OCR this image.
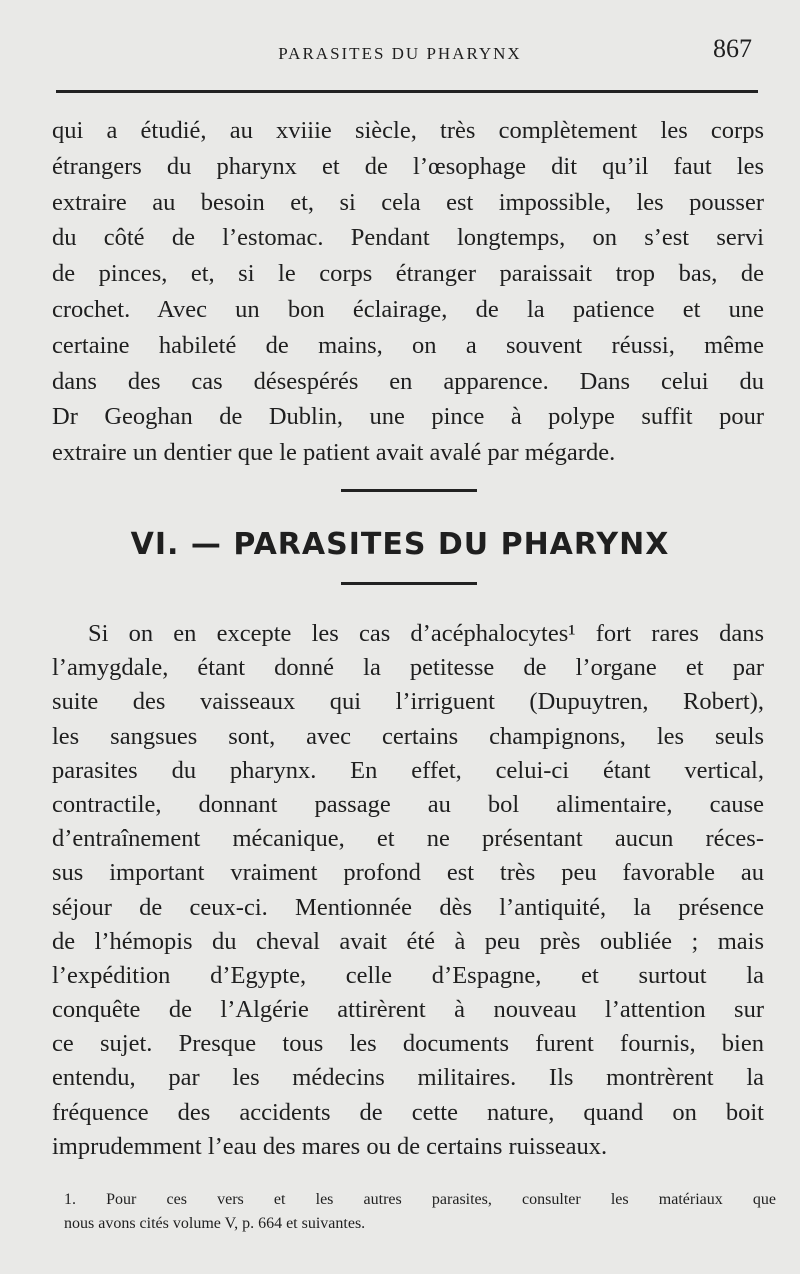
PARASITES DU PHARYNX	867
qui a étudié, au xviiie siècle, très complètement les corps
étrangers du pharynx et de l’œsophage dit qu’il faut les
extraire au besoin et, si cela est impossible, les pousser
du côté de l’estomac. Pendant longtemps, on s’est servi
de pinces, et, si le corps étranger paraissait trop bas, de
crochet. Avec un bon éclairage, de la patience et une
certaine habileté de mains, on a souvent réussi, même
dans des cas désespérés en apparence. Dans celui du
Dr Geoghan de Dublin, une pince à polype suffit pour
extraire un dentier que le patient avait avalé par mégarde.
VI. — PARASITES DU PHARYNX
Si on en excepte les cas d’acéphalocytes¹ fort rares dans
l’amygdale, étant donné la petitesse de l’organe et par
suite des vaisseaux qui l’irriguent (Dupuytren, Robert),
les sangsues sont, avec certains champignons, les seuls
parasites du pharynx. En effet, celui-ci étant vertical,
contractile, donnant passage au bol alimentaire, cause
d’entraînement mécanique, et ne présentant aucun réces-
sus important vraiment profond est très peu favorable au
séjour de ceux-ci. Mentionnée dès l’antiquité, la présence
de l’hémopis du cheval avait été à peu près oubliée ; mais
l’expédition d’Egypte, celle d’Espagne, et surtout la
conquête de l’Algérie attirèrent à nouveau l’attention sur
ce sujet. Presque tous les documents furent fournis, bien
entendu, par les médecins militaires. Ils montrèrent la
fréquence des accidents de cette nature, quand on boit
imprudemment l’eau des mares ou de certains ruisseaux.
1. Pour ces vers et les autres parasites, consulter les matériaux que
nous avons cités volume V, p. 664 et suivantes.
